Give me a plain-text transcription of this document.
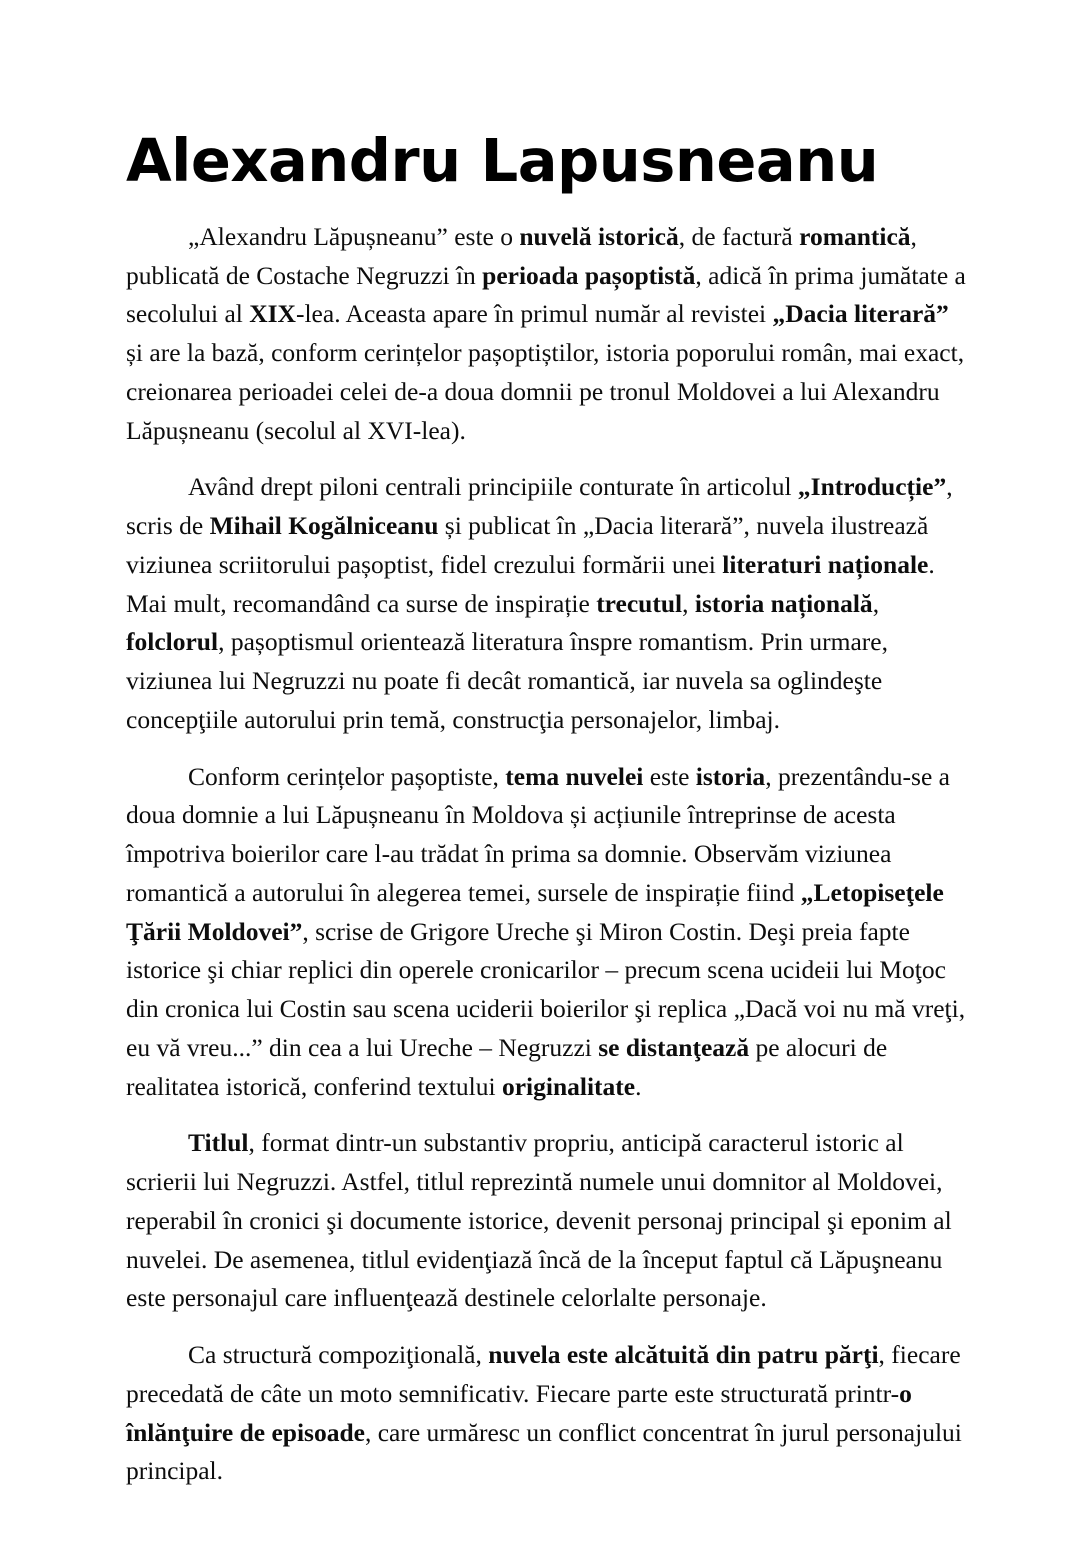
Alexandru Lapusneanu

„Alexandru Lăpușneanu” este o nuvelă istorică, de factură romantică, publicată de Costache Negruzzi în perioada pașoptistă, adică în prima jumătate a secolului al XIX-lea. Aceasta apare în primul număr al revistei „Dacia literară” și are la bază, conform cerințelor pașoptiștilor, istoria poporului român, mai exact, creionarea perioadei celei de-a doua domnii pe tronul Moldovei a lui Alexandru Lăpușneanu (secolul al XVI-lea).

Având drept piloni centrali principiile conturate în articolul „Introducție”, scris de Mihail Kogălniceanu și publicat în „Dacia literară”, nuvela ilustrează viziunea scriitorului pașoptist, fidel crezului formării unei literaturi naționale. Mai mult, recomandând ca surse de inspirație trecutul, istoria națională, folclorul, pașoptismul orientează literatura înspre romantism. Prin urmare, viziunea lui Negruzzi nu poate fi decât romantică, iar nuvela sa oglindeşte concepţiile autorului prin temă, construcţia personajelor, limbaj.

Conform cerințelor pașoptiste, tema nuvelei este istoria, prezentându-se a doua domnie a lui Lăpușneanu în Moldova și acțiunile întreprinse de acesta împotriva boierilor care l-au trădat în prima sa domnie. Observăm viziunea romantică a autorului în alegerea temei, sursele de inspirație fiind „Letopiseţele Ţării Moldovei”, scrise de Grigore Ureche şi Miron Costin. Deşi preia fapte istorice şi chiar replici din operele cronicarilor – precum scena ucideii lui Moţoc din cronica lui Costin sau scena uciderii boierilor şi replica „Dacă voi nu mă vreţi, eu vă vreu...” din cea a lui Ureche – Negruzzi se distanţează pe alocuri de realitatea istorică, conferind textului originalitate.

Titlul, format dintr-un substantiv propriu, anticipă caracterul istoric al scrierii lui Negruzzi. Astfel, titlul reprezintă numele unui domnitor al Moldovei, reperabil în cronici şi documente istorice, devenit personaj principal şi eponim al nuvelei. De asemenea, titlul evidenţiază încă de la început faptul că Lăpuşneanu este personajul care influenţează destinele celorlalte personaje.

Ca structură compoziţională, nuvela este alcătuită din patru părţi, fiecare precedată de câte un moto semnificativ. Fiecare parte este structurată printr-o înlănţuire de episoade, care urmăresc un conflict concentrat în jurul personajului principal.
